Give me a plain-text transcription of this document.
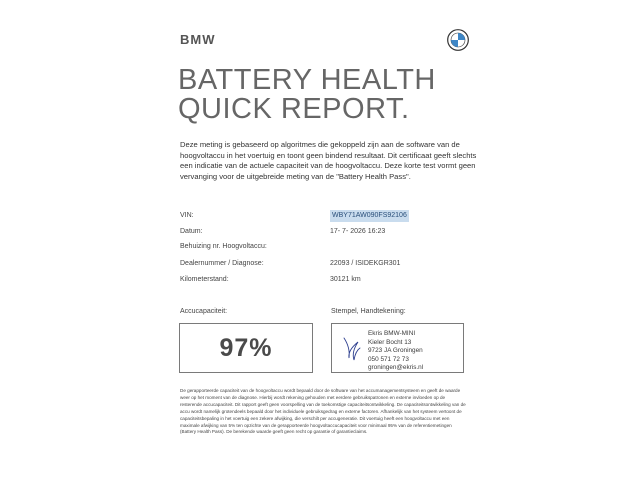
BMW
BATTERY HEALTH
QUICK REPORT.
Deze meting is gebaseerd op algoritmes die gekoppeld zijn aan de software van de hoogvoltaccu in het voertuig en toont geen bindend resultaat. Dit certificaat geeft slechts een indicatie van de actuele capaciteit van de hoogvoltaccu. Deze korte test vormt geen vervanging voor de uitgebreide meting van de "Battery Health Pass".
VIN:	WBY71AW090FS92106
Datum:	17- 7- 2026 16:23
Behuizing nr. Hoogvoltaccu:
Dealernummer / Diagnose:	22093 / ISIDEKGR301
Kilometerstand:	30121 km
Accucapaciteit:	Stempel, Handtekening:
97%	Ekris BMW-MINI
Kieler Bocht 13
9723 JA Groningen
050 571 72 73
groningen@ekris.nl
De gerapporteerde capaciteit van de hoogvoltaccu wordt bepaald door de software van het accumanagementsysteem en geeft de waarde weer op het moment van de diagnose. Hierbij wordt rekening gehouden met eerdere gebruikspatronen en externe invloeden op de resterende accucapaciteit. Dit rapport geeft geen voorspelling van de toekomstige capaciteitsontwikkeling. De capaciteitsontwikkeling van de accu wordt namelijk grotendeels bepaald door het individuele gebruiksgedrag en externe factoren. Afhankelijk van het systeem vertoont de capaciteitsbepaling in het voertuig een zekere afwijking, die verschilt per accugeneratie. Dit voertuig heeft een hoogvoltaccu met een maximale afwijking van 5% ten opzichte van de gerapporteerde hoogvoltaccucapaciteit voor minimaal 95% van de referentiemetingen (Battery Health Pass). De berekende waarde geeft geen recht op garantie of garantieclaims.
